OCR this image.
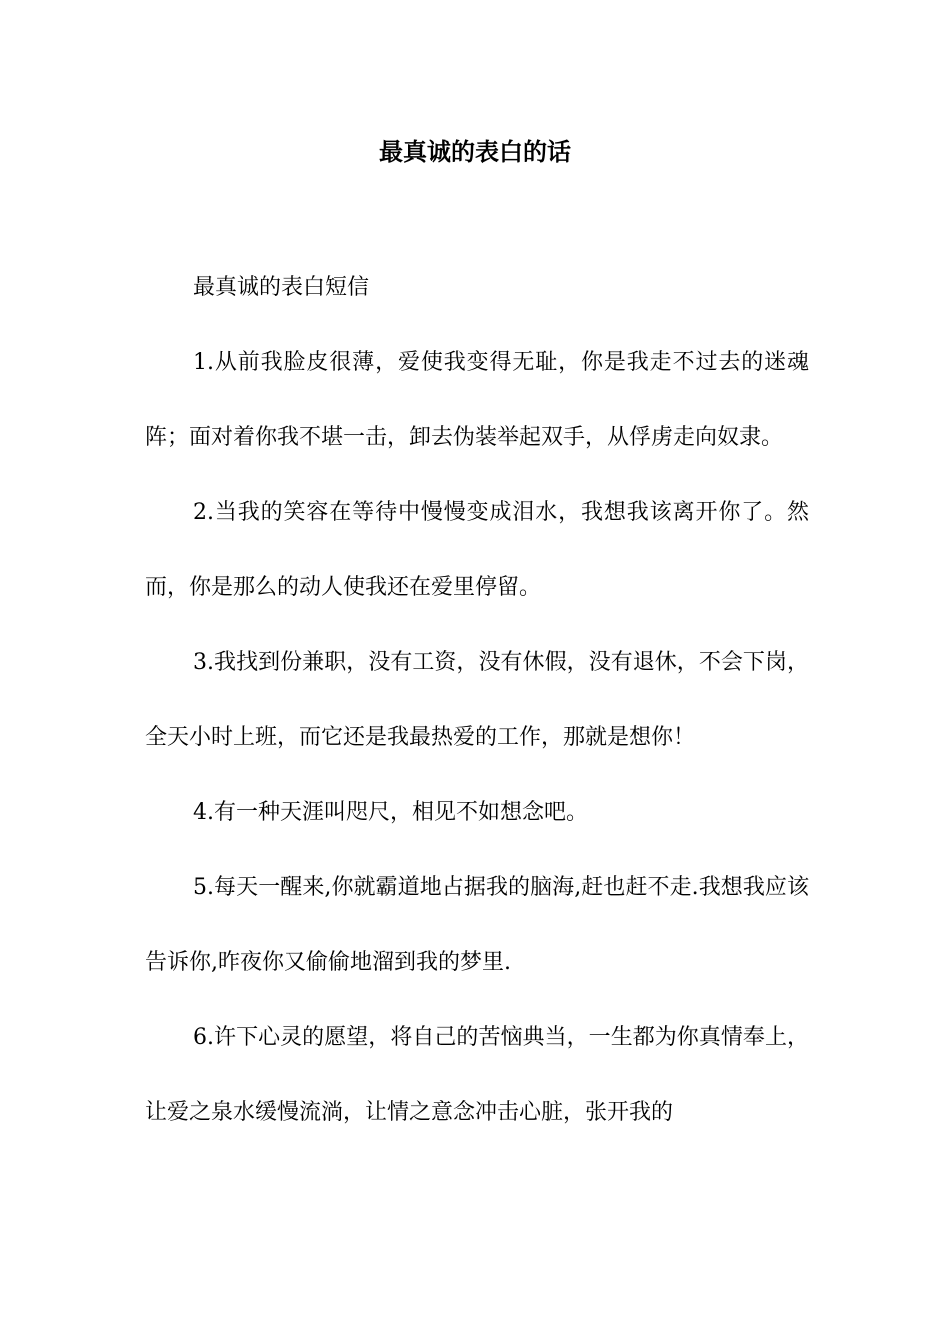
最真诚的表白的话

最真诚的表白短信

1.从前我脸皮很薄，爱使我变得无耻，你是我走不过去的迷魂阵；面对着你我不堪一击，卸去伪装举起双手，从俘虏走向奴隶。

2.当我的笑容在等待中慢慢变成泪水，我想我该离开你了。然而，你是那么的动人使我还在爱里停留。

3.我找到份兼职，没有工资，没有休假，没有退休，不会下岗，全天小时上班，而它还是我最热爱的工作，那就是想你！

4.有一种天涯叫咫尺，相见不如想念吧。

5.每天一醒来,你就霸道地占据我的脑海,赶也赶不走.我想我应该告诉你,昨夜你又偷偷地溜到我的梦里.

6.许下心灵的愿望，将自己的苦恼典当，一生都为你真情奉上，让爱之泉水缓慢流淌，让情之意念冲击心脏，张开我的
